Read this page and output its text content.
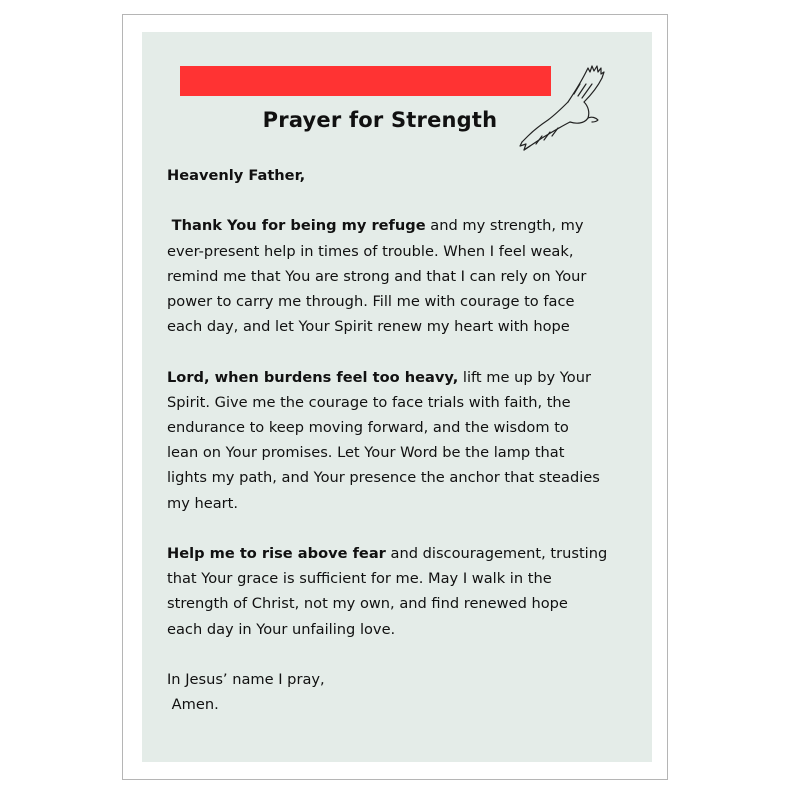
Prayer for Strength

Heavenly Father,

Thank You for being my refuge and my strength, my
ever-present help in times of trouble. When I feel weak,
remind me that You are strong and that I can rely on Your
power to carry me through. Fill me with courage to face
each day, and let Your Spirit renew my heart with hope

Lord, when burdens feel too heavy, lift me up by Your
Spirit. Give me the courage to face trials with faith, the
endurance to keep moving forward, and the wisdom to
lean on Your promises. Let Your Word be the lamp that
lights my path, and Your presence the anchor that steadies
my heart.

Help me to rise above fear and discouragement, trusting
that Your grace is sufficient for me. May I walk in the
strength of Christ, not my own, and find renewed hope
each day in Your unfailing love.

In Jesus’ name I pray,
Amen.
